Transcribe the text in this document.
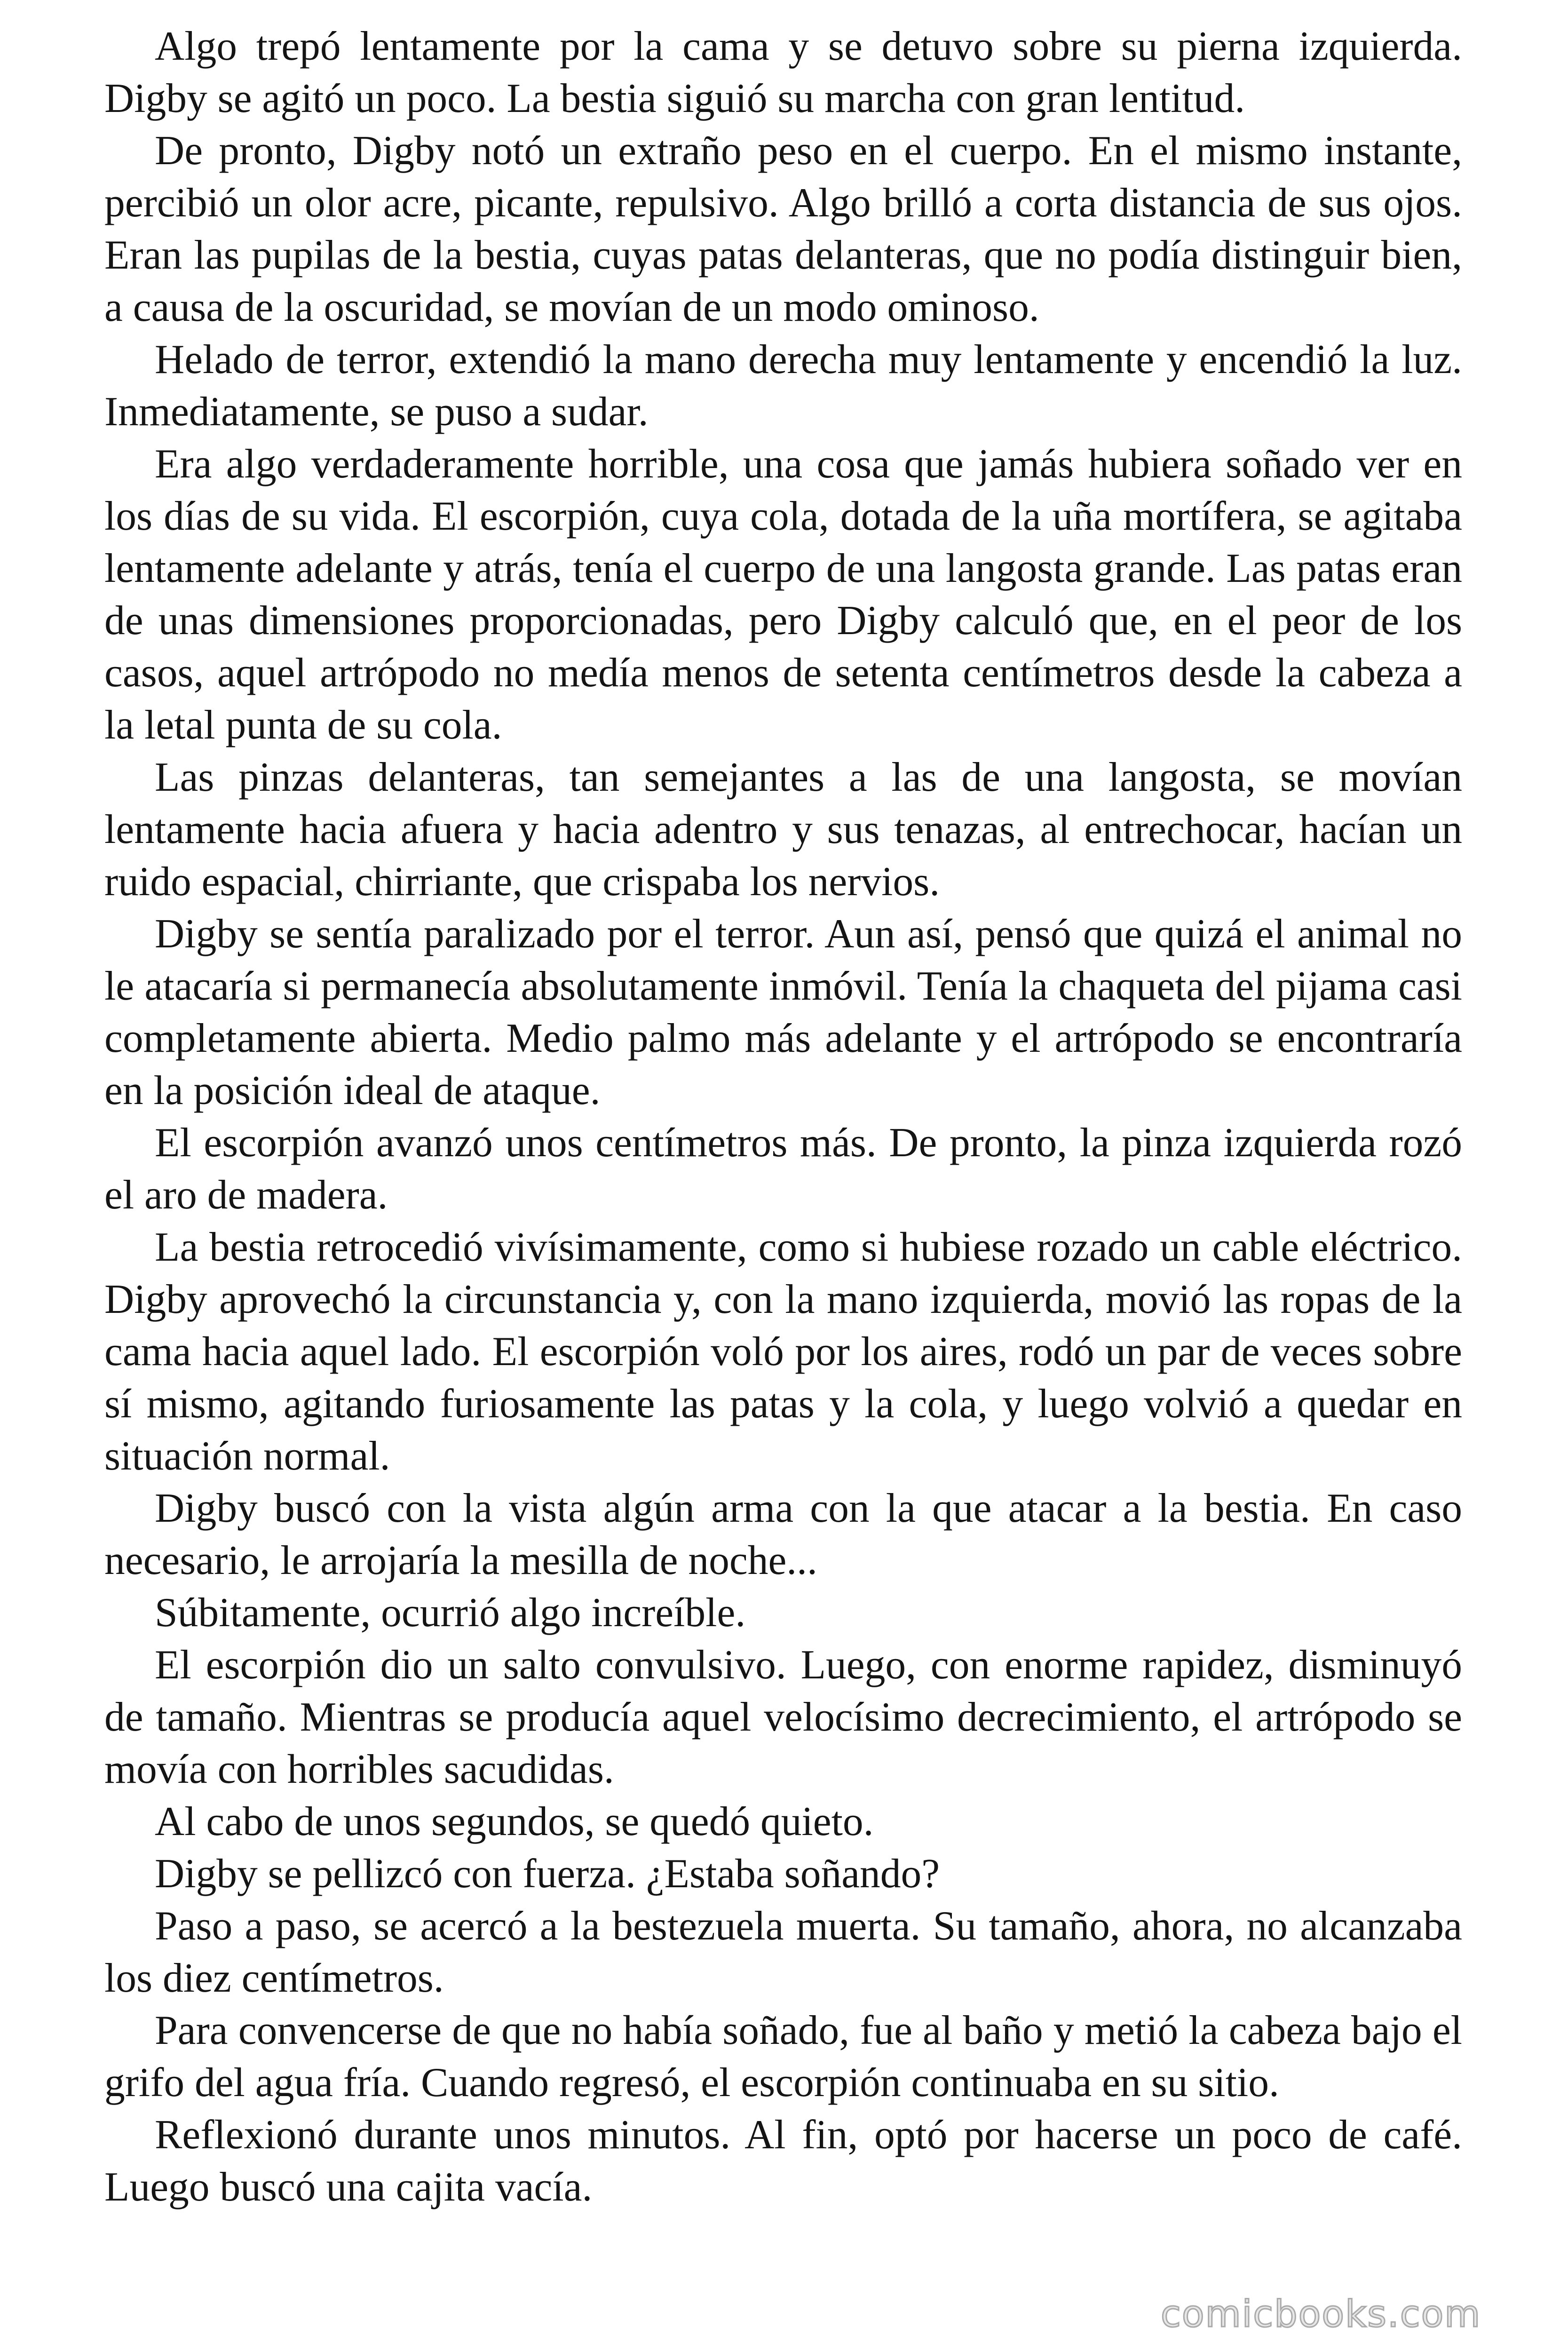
Algo trepó lentamente por la cama y se detuvo sobre su pierna izquierda. Digby se agitó un poco. La bestia siguió su marcha con gran lentitud.

De pronto, Digby notó un extraño peso en el cuerpo. En el mismo instante, percibió un olor acre, picante, repulsivo. Algo brilló a corta distancia de sus ojos. Eran las pupilas de la bestia, cuyas patas delanteras, que no podía distinguir bien, a causa de la oscuridad, se movían de un modo ominoso.

Helado de terror, extendió la mano derecha muy lentamente y encendió la luz. Inmediatamente, se puso a sudar.

Era algo verdaderamente horrible, una cosa que jamás hubiera soñado ver en los días de su vida. El escorpión, cuya cola, dotada de la uña mortífera, se agitaba lentamente adelante y atrás, tenía el cuerpo de una langosta grande. Las patas eran de unas dimensiones proporcionadas, pero Digby calculó que, en el peor de los casos, aquel artrópodo no medía menos de setenta centímetros desde la cabeza a la letal punta de su cola.

Las pinzas delanteras, tan semejantes a las de una langosta, se movían lentamente hacia afuera y hacia adentro y sus tenazas, al entrechocar, hacían un ruido espacial, chirriante, que crispaba los nervios.

Digby se sentía paralizado por el terror. Aun así, pensó que quizá el animal no le atacaría si permanecía absolutamente inmóvil. Tenía la chaqueta del pijama casi completamente abierta. Medio palmo más adelante y el artrópodo se encontraría en la posición ideal de ataque.

El escorpión avanzó unos centímetros más. De pronto, la pinza izquierda rozó el aro de madera.

La bestia retrocedió vivísimamente, como si hubiese rozado un cable eléctrico. Digby aprovechó la circunstancia y, con la mano izquierda, movió las ropas de la cama hacia aquel lado. El escorpión voló por los aires, rodó un par de veces sobre sí mismo, agitando furiosamente las patas y la cola, y luego volvió a quedar en situación normal.

Digby buscó con la vista algún arma con la que atacar a la bestia. En caso necesario, le arrojaría la mesilla de noche...

Súbitamente, ocurrió algo increíble.

El escorpión dio un salto convulsivo. Luego, con enorme rapidez, disminuyó de tamaño. Mientras se producía aquel velocísimo decrecimiento, el artrópodo se movía con horribles sacudidas.

Al cabo de unos segundos, se quedó quieto.

Digby se pellizcó con fuerza. ¿Estaba soñando?

Paso a paso, se acercó a la bestezuela muerta. Su tamaño, ahora, no alcanzaba los diez centímetros.

Para convencerse de que no había soñado, fue al baño y metió la cabeza bajo el grifo del agua fría. Cuando regresó, el escorpión continuaba en su sitio.

Reflexionó durante unos minutos. Al fin, optó por hacerse un poco de café. Luego buscó una cajita vacía.

comicbooks.com
